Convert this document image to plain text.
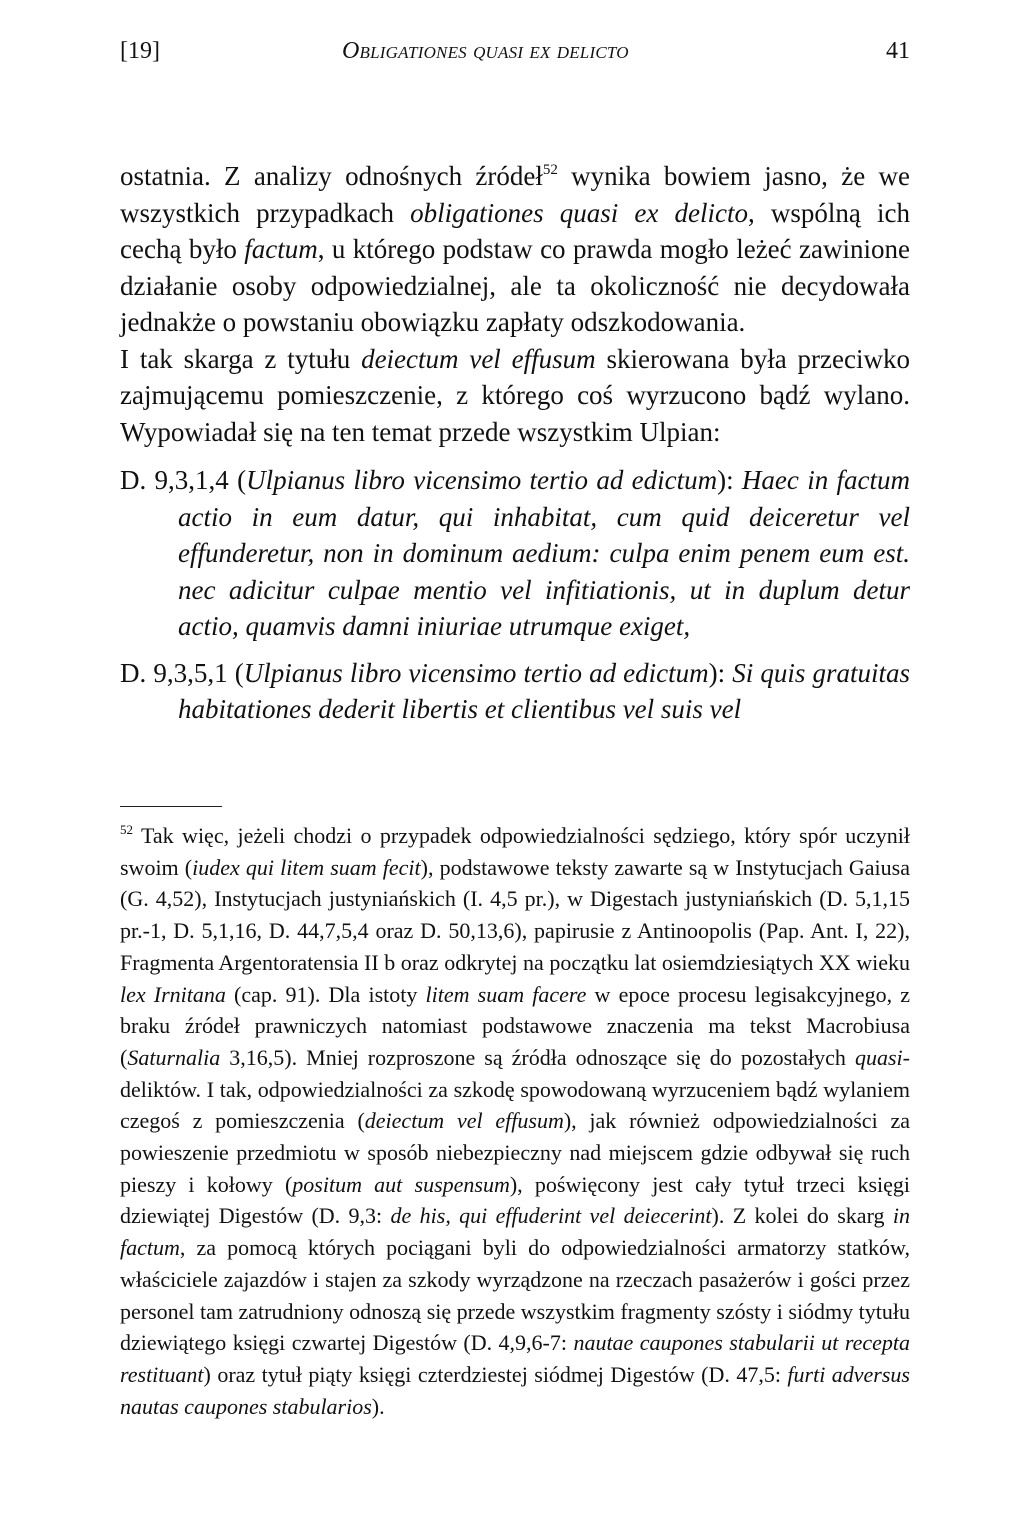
[19]	Obligationes quasi ex delicto	41

ostatnia. Z analizy odnośnych źródeł$^{52}$ wynika bowiem jasno, że we wszystkich przypadkach obligationes quasi ex delicto, wspólną ich cechą było factum, u którego podstaw co prawda mogło leżeć zawinione działanie osoby odpowiedzialnej, ale ta okoliczność nie decydowała jednakże o powstaniu obowiązku zapłaty odszkodowania.

I tak skarga z tytułu deiectum vel effusum skierowana była przeciwko zajmującemu pomieszczenie, z którego coś wyrzucono bądź wylano. Wypowiadał się na ten temat przede wszystkim Ulpian:

D. 9,3,1,4 (Ulpianus libro vicensimo tertio ad edictum): Haec in factum actio in eum datur, qui inhabitat, cum quid deiceretur vel effunderetur, non in dominum aedium: culpa enim penem eum est. nec adicitur culpae mentio vel infitiationis, ut in duplum detur actio, quamvis damni iniuriae utrumque exiget,

D. 9,3,5,1 (Ulpianus libro vicensimo tertio ad edictum): Si quis gratuitas habitationes dederit libertis et clientibus vel suis vel

$^{52}$ Tak więc, jeżeli chodzi o przypadek odpowiedzialności sędziego, który spór uczynił swoim (iudex qui litem suam fecit), podstawowe teksty zawarte są w Instytucjach Gaiusa (G. 4,52), Instytucjach justyniańskich (I. 4,5 pr.), w Digestach justyniańskich (D. 5,1,15 pr.-1, D. 5,1,16, D. 44,7,5,4 oraz D. 50,13,6), papirusie z Antinoopolis (Pap. Ant. I, 22), Fragmenta Argentoratensia II b oraz odkrytej na początku lat osiemdziesiątych XX wieku lex Irnitana (cap. 91). Dla istoty litem suam facere w epoce procesu legisakcyjnego, z braku źródeł prawniczych natomiast podstawowe znaczenia ma tekst Macrobiusa (Saturnalia 3,16,5). Mniej rozproszone są źródła odnoszące się do pozostałych quasi-deliktów. I tak, odpowiedzialności za szkodę spowodowaną wyrzuceniem bądź wylaniem czegoś z pomieszczenia (deiectum vel effusum), jak również odpowiedzialności za powieszenie przedmiotu w sposób niebezpieczny nad miejscem gdzie odbywał się ruch pieszy i kołowy (positum aut suspensum), poświęcony jest cały tytuł trzeci księgi dziewiątej Digestów (D. 9,3: de his, qui effuderint vel deiecerint). Z kolei do skarg in factum, za pomocą których pociągani byli do odpowiedzialności armatorzy statków, właściciele zajazdów i stajen za szkody wyrządzone na rzeczach pasażerów i gości przez personel tam zatrudniony odnoszą się przede wszystkim fragmenty szósty i siódmy tytułu dziewiątego księgi czwartej Digestów (D. 4,9,6-7: nautae caupones stabularii ut recepta restituant) oraz tytuł piąty księgi czterdziestej siódmej Digestów (D. 47,5: furti adversus nautas caupones stabularios).
